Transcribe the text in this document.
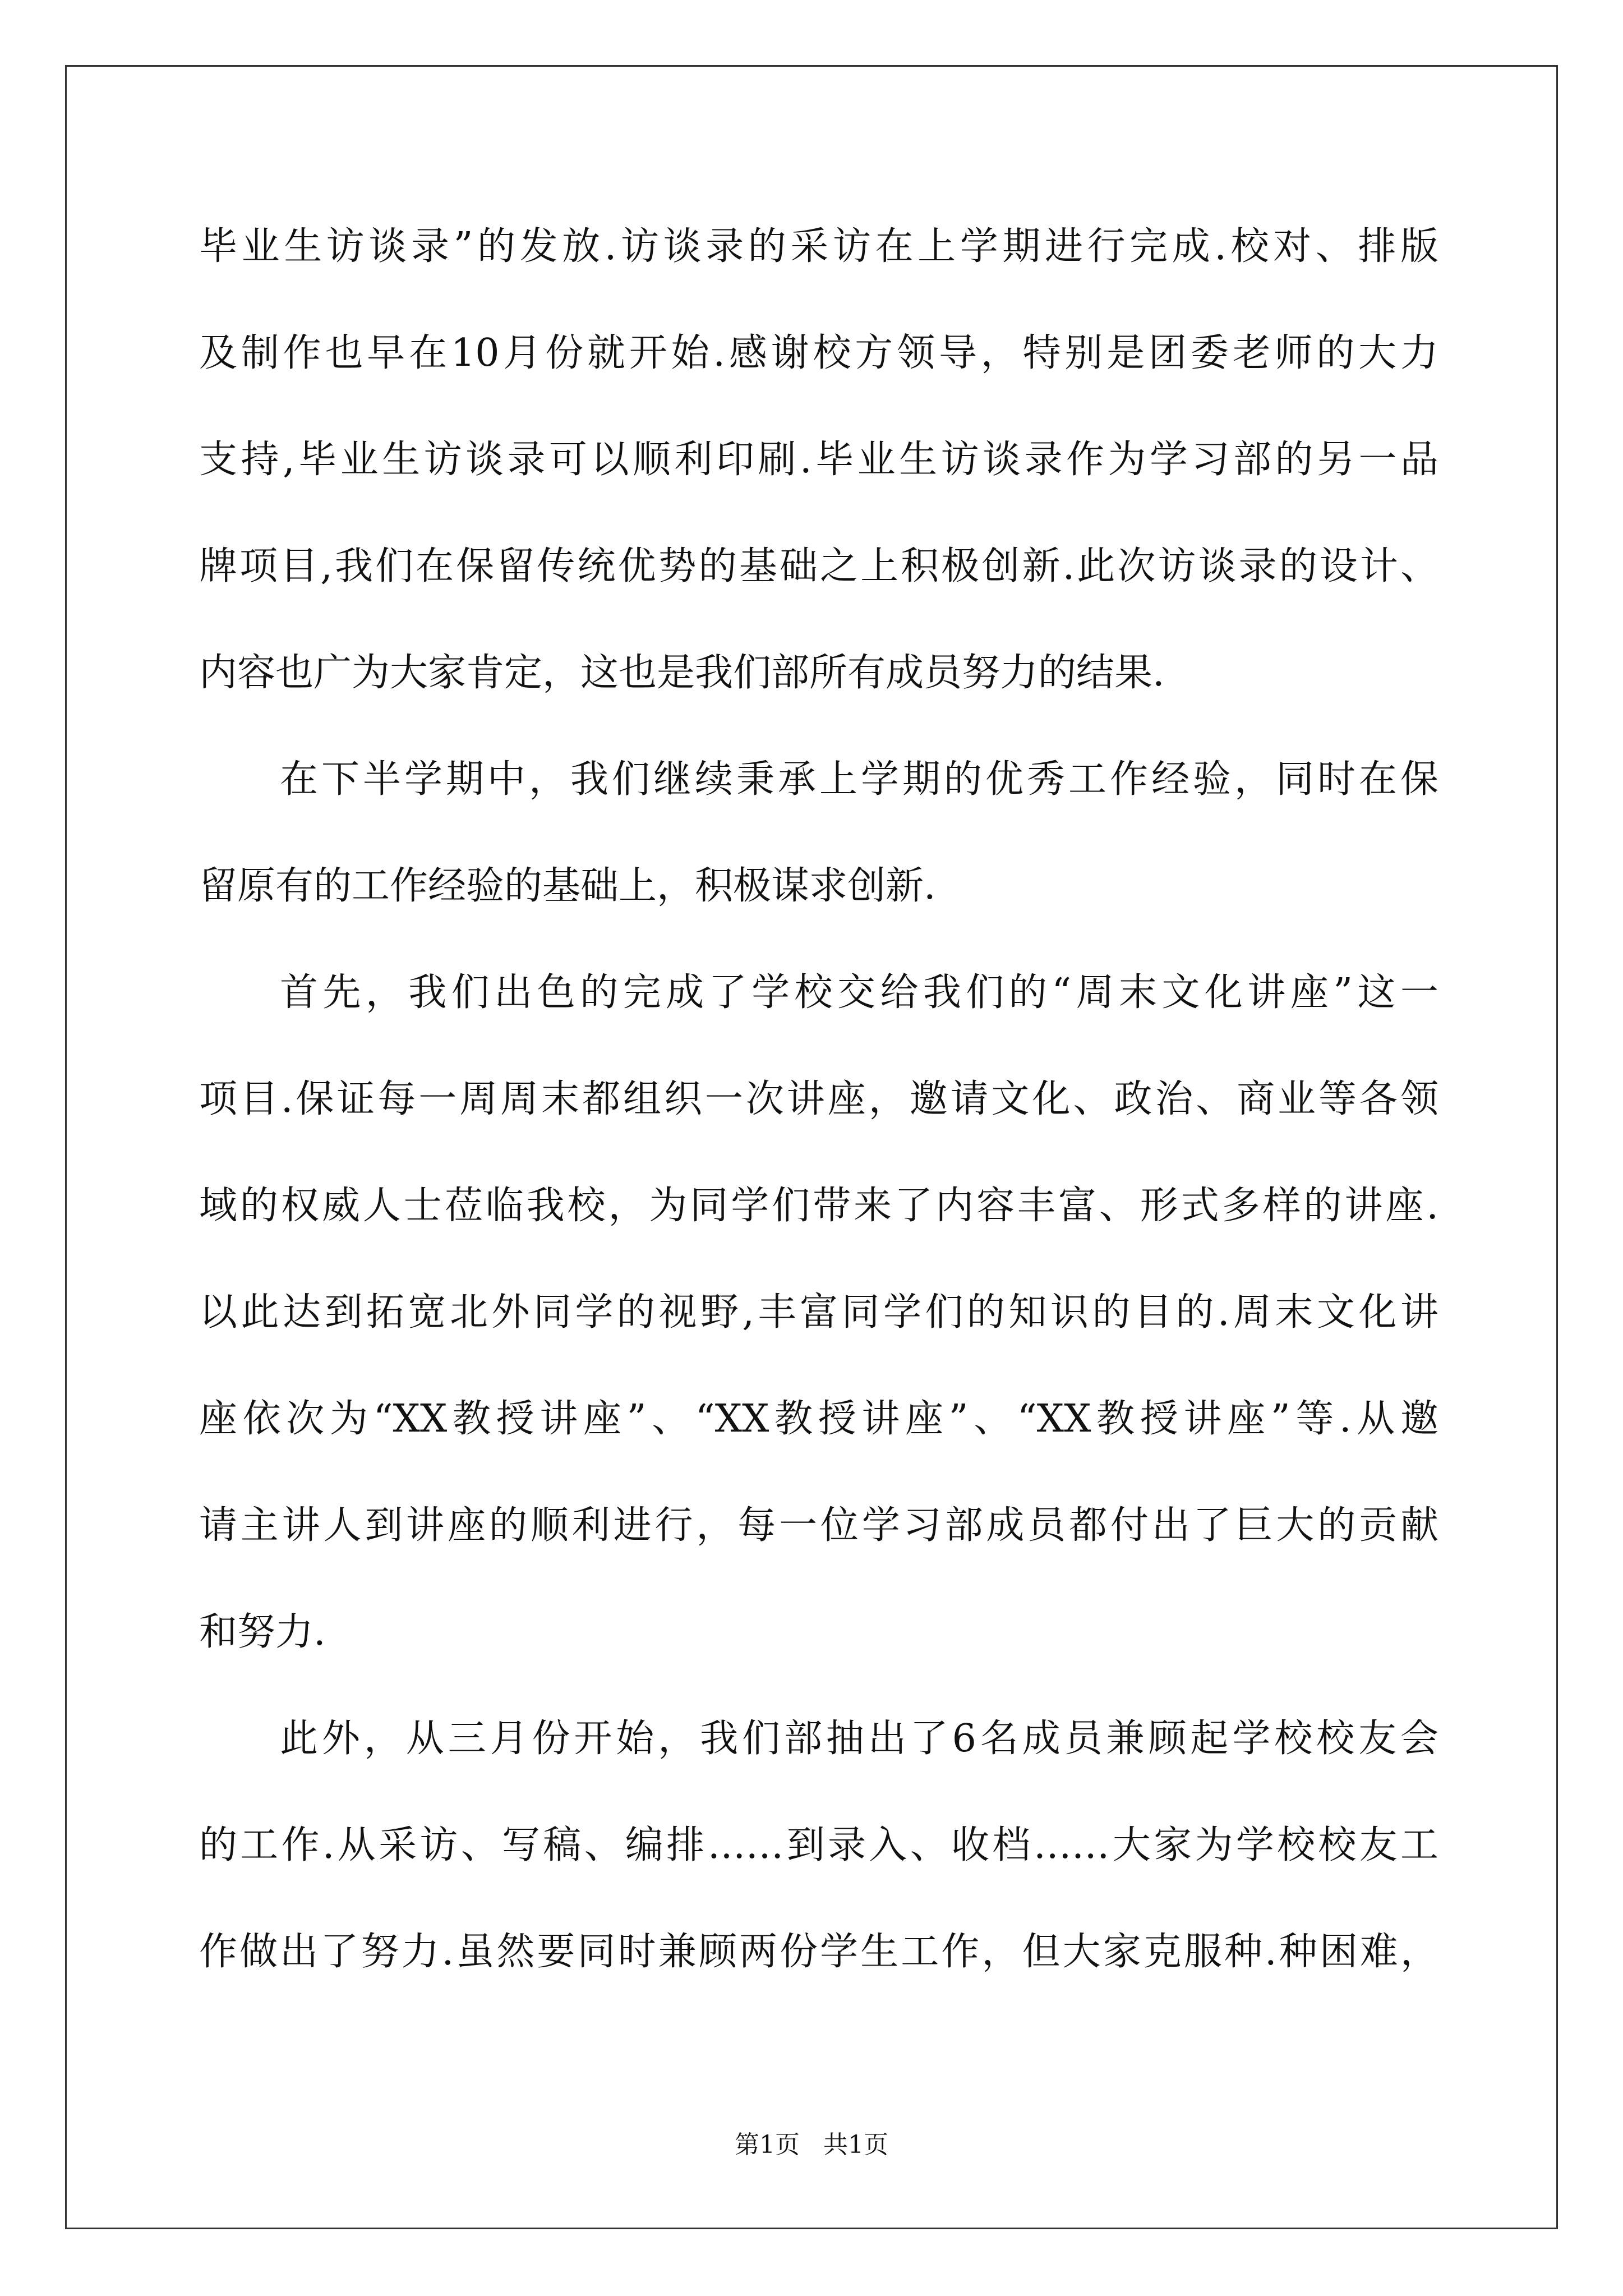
毕业生访谈录”的发放.访谈录的采访在上学期进行完成.校对、排版

及制作也早在10月份就开始.感谢校方领导，特别是团委老师的大力

支持,毕业生访谈录可以顺利印刷.毕业生访谈录作为学习部的另一品

牌项目,我们在保留传统优势的基础之上积极创新.此次访谈录的设计、

内容也广为大家肯定，这也是我们部所有成员努力的结果.

在下半学期中，我们继续秉承上学期的优秀工作经验，同时在保

留原有的工作经验的基础上，积极谋求创新.

首先，我们出色的完成了学校交给我们的“周末文化讲座”这一

项目.保证每一周周末都组织一次讲座，邀请文化、政治、商业等各领

域的权威人士莅临我校，为同学们带来了内容丰富、形式多样的讲座.

以此达到拓宽北外同学的视野,丰富同学们的知识的目的.周末文化讲

座依次为“XX教授讲座”、“XX教授讲座”、“XX教授讲座”等.从邀

请主讲人到讲座的顺利进行，每一位学习部成员都付出了巨大的贡献

和努力.

此外，从三月份开始，我们部抽出了6名成员兼顾起学校校友会

的工作.从采访、写稿、编排……到录入、收档……大家为学校校友工

作做出了努力.虽然要同时兼顾两份学生工作，但大家克服种.种困难，

第1页   共1页
